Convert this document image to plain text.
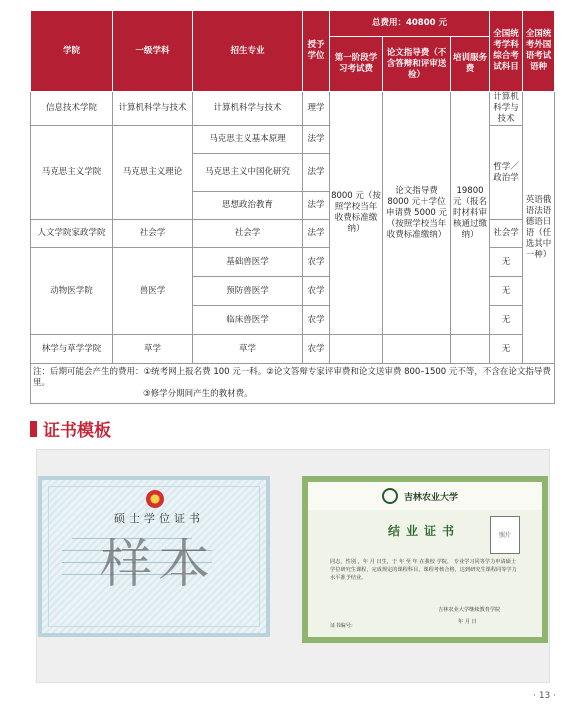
学院	一级学科	招生专业	授予学位	总费用：40800 元			全国统考学科综合考试科目	全国统考外国语考试语种
				第一阶段学习考试费	论文指导费（不含答辩和评审送检）	培训服务费		
信息技术学院	计算机科学与技术	计算机科学与技术	理学	8000 元（按照学校当年收费标准缴纳）	论文指导费 8000 元＋学位申请费 5000 元（按照学校当年收费标准缴纳）	19800 元（报名时材料审核通过缴纳）	计算机科学与技术	英语俄语法语德语日语（任选其中一种）
马克思主义学院	马克思主义理论	马克思主义基本原理	法学				哲学／政治学	
		马克思主义中国化研究	法学					
		思想政治教育	法学					
人文学院家政学院	社会学	社会学	法学				社会学	
动物医学院	兽医学	基础兽医学	农学				无	
		预防兽医学	农学				无	
		临床兽医学	农学				无	
林学与草学学院	草学	草学	农学				无	

注：后期可能会产生的费用：①统考网上报名费 100 元一科。②论文答辩专家评审费和论文送审费 800–1500 元不等，不含在论文指导费里。
③修学分期间产生的教材费。								
证书模板
硕士学位证书
样本
吉林农业大学
结业证书	照片
同志，性别 ，年 月 日生，于 年 至 年 在我校 学院， 专业学习同等学力申请硕士学位研究生课程，完成规定的课程科目，课程考核合格，达到研究生课程同等学力水平准予结业。
吉林农业大学继续教育学院
年 月 日
证书编号：
· 13 ·
